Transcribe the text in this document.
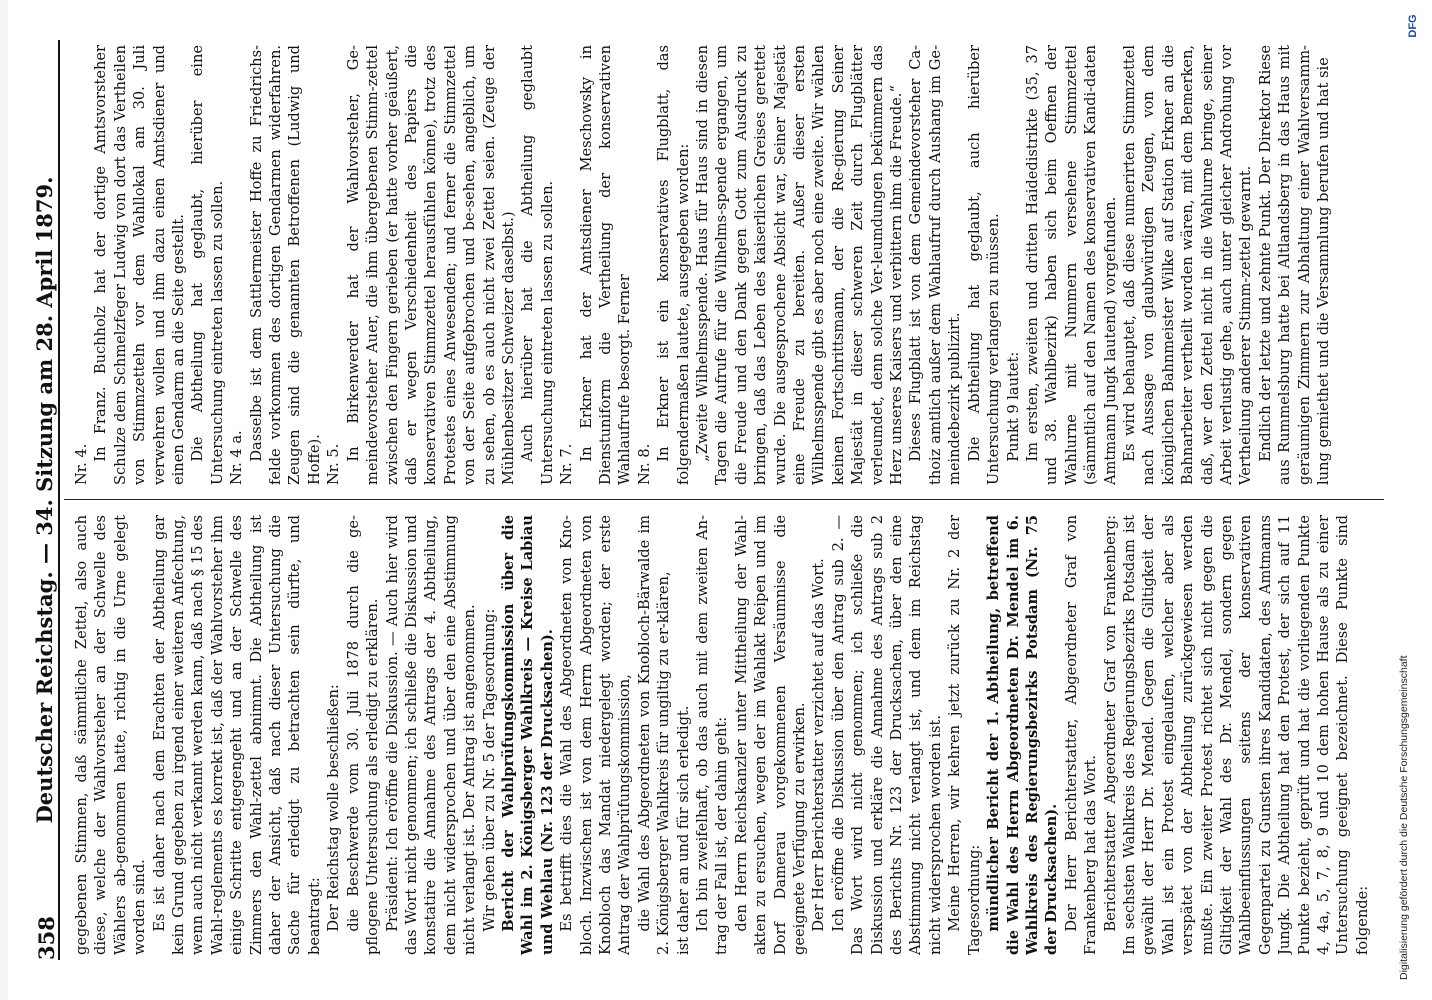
358
Deutscher Reichstag. — 34. Sitzung am 28. April 1879. gegebenen Stimmen, daß sämmtliche Zettel, also auch diese, welche der Wahlvorsteher an der Schwelle des Wählers ab-genommen hatte, richtig in die Urne gelegt worden sind. Es ist daher nach dem Erachten der Abtheilung gar kein Grund gegeben zu irgend einer weiteren Anfechtung, wenn auch nicht verkannt werden kann, daß nach § 15 des Wahl-reglements es korrekt ist, daß der Wahlvorsteher ihm einige Schritte entgegengeht und an der Schwelle des Zimmers den Wahl-zettel abnimmt. Die Abtheilung ist daher der Ansicht, daß nach dieser Untersuchung die Sache für erledigt zu betrachten sein dürfte, und beantragt: Der Reichstag wolle beschließen: die Beschwerde vom 30. Juli 1878 durch die ge-pflogene Untersuchung als erledigt zu erklären. Präsident: Ich eröffne die Diskussion. — Auch hier wird das Wort nicht genommen; ich schließe die Diskussion und konstatire die Annahme des Antrags der 4. Abtheilung, dem nicht widersprochen und über den eine Abstimmung nicht verlangt ist. Der Antrag ist angenommen. Wir gehen über zu Nr. 5 der Tagesordnung: Bericht der Wahlprüfungskommission über die Wahl im 2. Königsberger Wahlkreis — Kreise Labiau und Wehlau (Nr. 123 der Drucksachen). Es betrifft dies die Wahl des Abgeordneten von Kno-bloch. Inzwischen ist von dem Herrn Abgeordneten von Knobloch das Mandat niedergelegt worden; der erste Antrag der Wahlprüfungskommission, die Wahl des Abgeordneten von Knobloch-Bärwalde im 2. Königsberger Wahlkreis für ungiltig zu er-klären, ist daher an und für sich erledigt. Ich bin zweifelhaft, ob das auch mit dem zweiten An-trag der Fall ist, der dahin geht: den Herrn Reichskanzler unter Mittheilung der Wahl-akten zu ersuchen, wegen der im Wahlakt Reipen und im Dorf Damerau vorgekommenen Versäumnisse die geeignete Verfügung zu erwirken. Der Herr Berichterstatter verzichtet auf das Wort. Ich eröffne die Diskussion über den Antrag sub 2. — Das Wort wird nicht genommen; ich schließe die Diskussion und erkläre die Annahme des Antrags sub 2 des Berichts Nr. 123 der Drucksachen, über den eine Abstimmung nicht verlangt ist, und dem im Reichstag nicht widersprochen worden ist. Meine Herren, wir kehren jetzt zurück zu Nr. 2 der Tagesordnung: mündlicher Bericht der 1. Abtheilung, betreffend die Wahl des Herrn Abgeordneten Dr. Mendel im 6. Wahlkreis des Regierungsbezirks Potsdam (Nr. 75 der Drucksachen). Der Herr Berichterstatter, Abgeordneter Graf von Frankenberg hat das Wort. Berichterstatter Abgeordneter Graf von Frankenberg: Im sechsten Wahlkreis des Regierungsbezirks Potsdam ist gewählt der Herr Dr. Mendel. Gegen die Giltigkeit der Wahl ist ein Protest eingelaufen, welcher aber als verspätet von der Abtheilung zurückgewiesen werden mußte. Ein zweiter Protest richtet sich nicht gegen die Giltigkeit der Wahl des Dr. Mendel, sondern gegen Wahlbeeinflussungen seitens der konservativen Gegenpartei zu Gunsten ihres Kandidaten, des Amtmanns Jungk. Die Abtheilung hat den Protest, der sich auf 11 Punkte bezieht, geprüft und hat die vorliegenden Punkte 4, 4a, 5, 7, 8, 9 und 10 dem hohen Hause als zu einer Untersuchung geeignet bezeichnet. Diese Punkte sind folgende:

Nr. 4.

In Franz. Buchholz hat der dortige Amtsvorsteher Schulze dem Schmelzfeger Ludwig von dort das Vertheilen von Stimmzetteln vor dem Wahllokal am 30. Juli verwehren wollen und ihm dazu einen Amtsdiener und einen Gendarm an die Seite gestellt. Die Abtheilung hat geglaubt, hierüber eine Untersuchung eintreten lassen zu sollen. Nr. 4 a. Dasselbe ist dem Sattlermeister Hoffe zu Friedrichs-felde vorkommen des dortigen Gendarmen widerfahren. Zeugen sind die genannten Betroffenen (Ludwig und Hoffe). Nr. 5.

In Birkenwerder hat der Wahlvorsteher, Ge-meindevorsteher Auer, die ihm übergebenen Stimm-zettel zwischen den Fingern gerieben (er hatte vorher geäußert, daß er wegen Verschiedenheit des Papiers die konservativen Stimmzettel herausfühlen könne), trotz des Protestes eines Anwesenden; und ferner die Stimmzettel von der Seite aufgebrochen und be-sehen, angeblich, um zu sehen, ob es auch nicht zwei Zettel seien. (Zeuge der Mühlenbesitzer Schweizer daselbst.) Auch hierüber hat die Abtheilung geglaubt Untersuchung eintreten lassen zu sollen. Nr. 7.

In Erkner hat der Amtsdiener Meschowsky in Dienstuniform die Vertheilung der konservativen Wahlaufrufe besorgt. Ferner Nr. 8.

In Erkner ist ein konservatives Flugblatt, das folgendermaßen lautete, ausgegeben worden: „Zweite Wilhelmsspende. Haus für Haus sind in diesen Tagen die Aufrufe für die Wilhelms-spende ergangen, um die Freude und den Dank gegen Gott zum Ausdruck zu bringen, daß das Leben des kaiserlichen Greises gerettet wurde. Die ausgesprochene Absicht war, Seiner Majestät eine Freude zu bereiten. Außer dieser ersten Wilhelmsspende gibt es aber noch eine zweite. Wir wählen keinen Fortschrittsmann, der die Re-gierung Seiner Majestät in dieser schweren Zeit durch Flugblätter verleumdet, denn solche Ver-leumdungen bekümmern das Herz unseres Kaisers und verbittern ihm die Freude.“ Dieses Flugblatt ist von dem Gemeindevorsteher Ca-thoiz amtlich außer dem Wahlaufruf durch Aushang im Ge-meindebezirk publizirt. Die Abtheilung hat geglaubt, auch hierüber Untersuchung verlangen zu müssen. Punkt 9 lautet: Im ersten, zweiten und dritten Haidedistrikte (35, 37 und 38. Wahlbezirk) haben sich beim Oeffnen der Wahlurne mit Nummern versehene Stimmzettel (sämmtlich auf den Namen des konservativen Kandi-daten Amtmann Jungk lautend) vorgefunden. Es wird behauptet, daß diese numerirten Stimmzettel nach Aussage von glaubwürdigen Zeugen, von dem königlichen Bahnmeister Wilke auf Station Erkner an die Bahnarbeiter vertheilt worden wären, mit dem Bemerken, daß, wer den Zettel nicht in die Wahlurne bringe, seiner Arbeit verlustig gehe, auch unter gleicher Androhung vor Vertheilung anderer Stimm-zettel gewarnt. Endlich der letzte und zehnte Punkt. Der Direktor Riese aus Rummelsburg hatte bei Altlandsberg in das Haus mit geräumigen Zimmern zur Abhaltung einer Wahlversamm-lung gemiethet und die Versammlung berufen und hat sie

DFG
Digitalisierung gefördert durch die Deutsche Forschungsgemeinschaft
